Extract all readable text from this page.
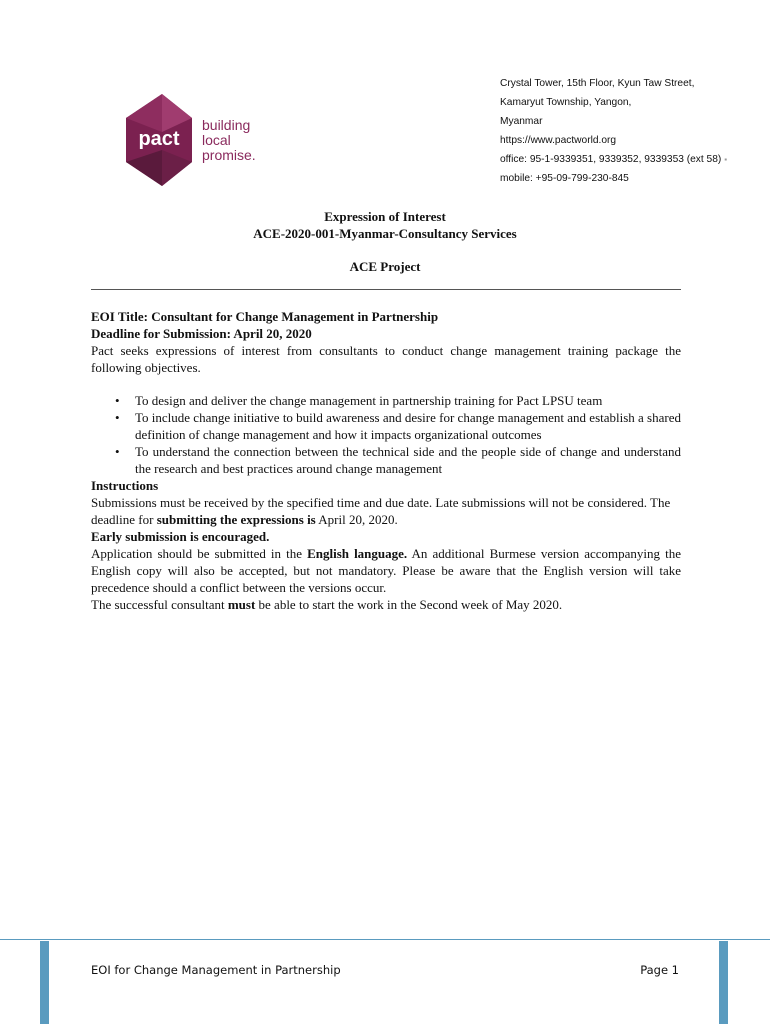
pact
building
local
promise.
Crystal Tower, 15th Floor, Kyun Taw Street,
Kamaryut Township, Yangon,
Myanmar
https://www.pactworld.org
office: 95-1-9339351, 9339352, 9339353 (ext 58) ▪
mobile: +95-09-799-230-845
Expression of Interest
ACE-2020-001-Myanmar-Consultancy Services
ACE Project

EOI Title: Consultant for Change Management in Partnership

Deadline for Submission: April 20, 2020

Pact seeks expressions of interest from consultants to conduct change management training package the following objectives.

• To design and deliver the change management in partnership training for Pact LPSU team
• To include change initiative to build awareness and desire for change management and establish a shared definition of change management and how it impacts organizational outcomes
• To understand the connection between the technical side and the people side of change and understand the research and best practices around change management

Instructions

Submissions must be received by the specified time and due date. Late submissions will not be considered. The deadline for submitting the expressions is April 20, 2020.

Early submission is encouraged.

Application should be submitted in the English language. An additional Burmese version accompanying the English copy will also be accepted, but not mandatory. Please be aware that the English version will take precedence should a conflict between the versions occur.

The successful consultant must be able to start the work in the Second week of May 2020.

EOI for Change Management in Partnership	Page 1
